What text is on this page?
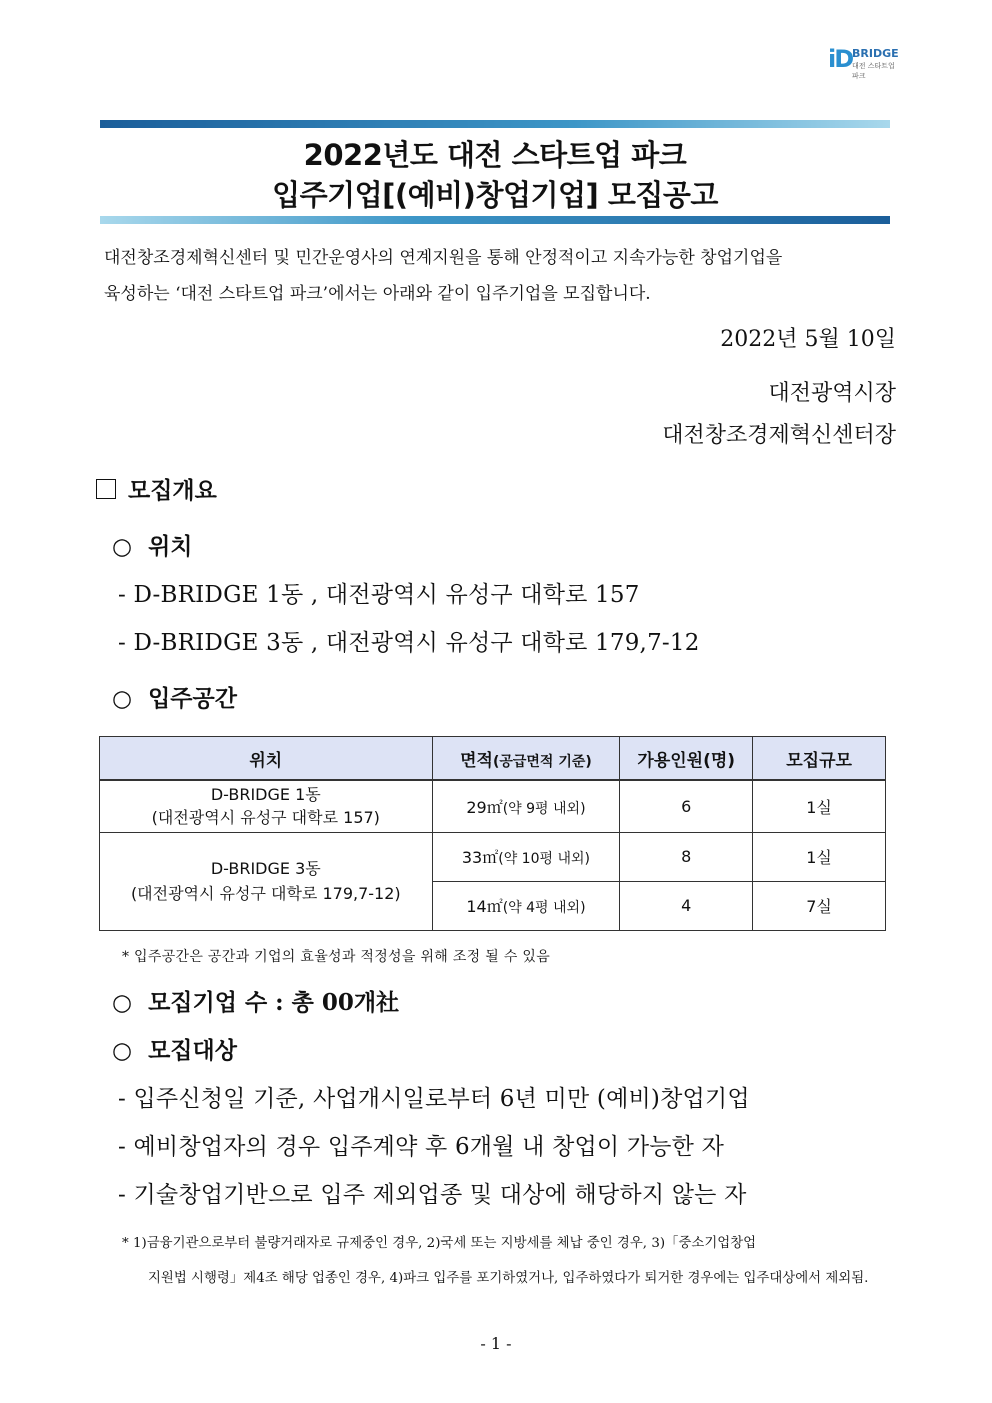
iD BRIDGE
대전 스타트업 파크
2022년도 대전 스타트업 파크
입주기업[(예비)창업기업] 모집공고
대전창조경제혁신센터 및 민간운영사의 연계지원을 통해 안정적이고 지속가능한 창업기업을
육성하는 ‘대전 스타트업 파크’에서는 아래와 같이 입주기업을 모집합니다.
2022년 5월 10일
대전광역시장
대전창조경제혁신센터장
모집개요
○ 위치
- D-BRIDGE 1동 , 대전광역시 유성구 대학로 157
- D-BRIDGE 3동 , 대전광역시 유성구 대학로 179,7-12
○ 입주공간
위치	면적(공급면적 기준)	가용인원(명)	모집규모
D-BRIDGE 1동
(대전광역시 유성구 대학로 157)	29㎡(약 9평 내외)	6	1실
D-BRIDGE 3동
(대전광역시 유성구 대학로 179,7-12)	33㎡(약 10평 내외)	8	1실
	14㎡(약 4평 내외)	4	7실
* 입주공간은 공간과 기업의 효율성과 적정성을 위해 조정 될 수 있음
○ 모집기업 수 : 총 00개社
○ 모집대상
- 입주신청일 기준, 사업개시일로부터 6년 미만 (예비)창업기업
- 예비창업자의 경우 입주계약 후 6개월 내 창업이 가능한 자
- 기술창업기반으로 입주 제외업종 및 대상에 해당하지 않는 자
* 1)금융기관으로부터 불량거래자로 규제중인 경우, 2)국세 또는 지방세를 체납 중인 경우, 3)「중소기업창업
지원법 시행령」제4조 해당 업종인 경우, 4)파크 입주를 포기하였거나, 입주하였다가 퇴거한 경우에는 입주대상에서 제외됨.
- 1 -
